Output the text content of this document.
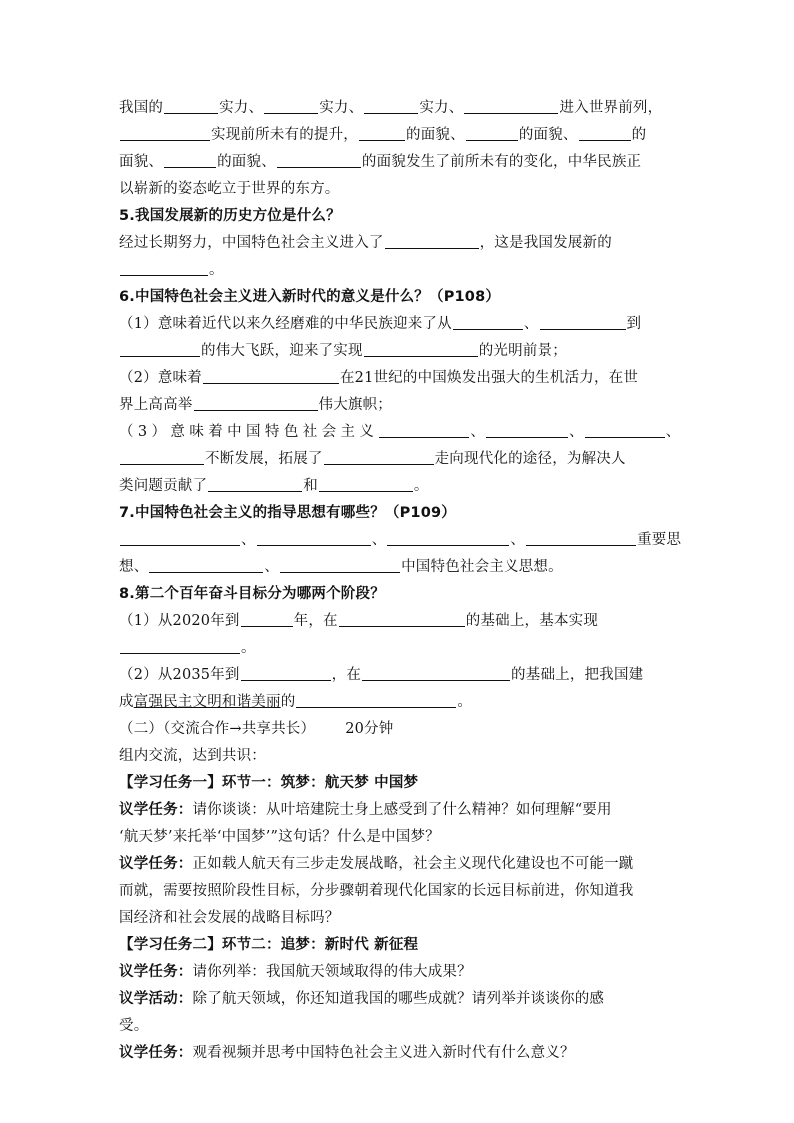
我国的	实力、	实力、	实力、	进入世界前列，
实现前所未有的提升，	的面貌、	的面貌、	的
面貌、	的面貌、	的面貌发生了前所未有的变化，中华民族正
以崭新的姿态屹立于世界的东方。
5.我国发展新的历史方位是什么？
经过长期努力，中国特色社会主义进入了	，这是我国发展新的
。
6.中国特色社会主义进入新时代的意义是什么？（P108）
（1）意味着近代以来久经磨难的中华民族迎来了从	、	到
的伟大飞跃，迎来了实现	的光明前景；
（2）意味着	在21世纪的中国焕发出强大的生机活力，在世
界上高高举	伟大旗帜；
（3）意味着中国特色社会主义	、	、	、
不断发展，拓展了	走向现代化的途径，为解决人
类问题贡献了	和	。
7.中国特色社会主义的指导思想有哪些？（P109）
、	、	、	重要思
想、	、	中国特色社会主义思想。
8.第二个百年奋斗目标分为哪两个阶段？
（1）从2020年到	年，在	的基础上，基本实现
。
（2）从2035年到	，在	的基础上，把我国建
成富强民主文明和谐美丽的	。
（二）（交流合作→共享共长） 20分钟
组内交流，达到共识：
【学习任务一】环节一：筑梦：航天梦 中国梦
议学任务：请你谈谈：从叶培建院士身上感受到了什么精神？如何理解“要用
‘航天梦’来托举‘中国梦’”这句话？什么是中国梦？
议学任务：正如载人航天有三步走发展战略，社会主义现代化建设也不可能一蹴
而就，需要按照阶段性目标，分步骤朝着现代化国家的长远目标前进，你知道我
国经济和社会发展的战略目标吗？
【学习任务二】环节二：追梦：新时代 新征程
议学任务：请你列举：我国航天领域取得的伟大成果？
议学活动：除了航天领域，你还知道我国的哪些成就？请列举并谈谈你的感
受。
议学任务：观看视频并思考中国特色社会主义进入新时代有什么意义？
